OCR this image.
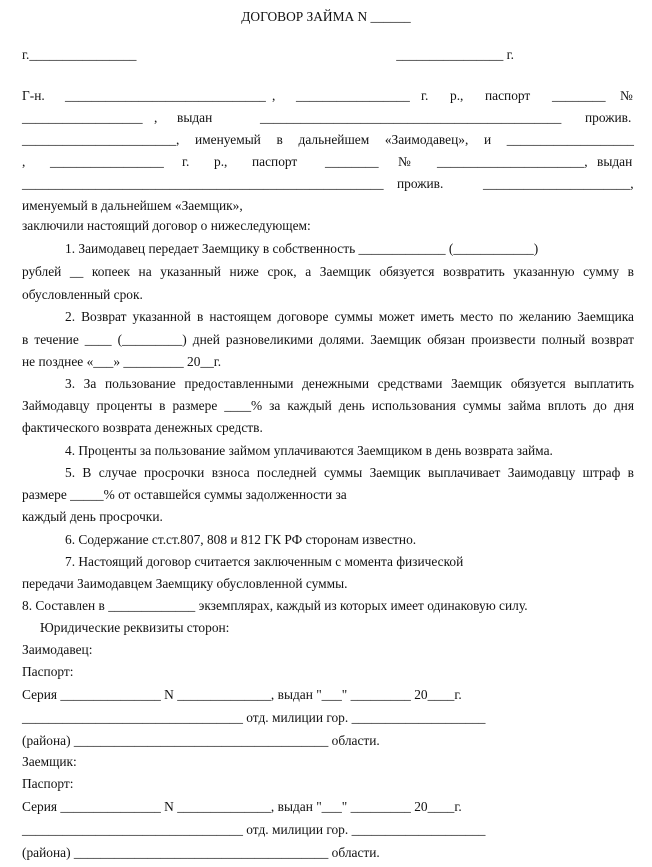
ДОГОВОР ЗАЙМА N ______
г.________________	________________ г.
Г-н. ______________________________ , _________________ г. р., паспорт ________ №
__________________ , выдан	_____________________________________________ прожив.
_______________________, именуемый в дальнейшем «Заимодавец», и ___________________
, _________________ г. р., паспорт ________ № ______________________, выдан
______________________________________________________ прожив.	______________________,
именуемый в дальнейшем «Заемщик»,
заключили настоящий договор о нижеследующем:
1. Заимодавец передает Заемщику в собственность _____________ (____________)
рублей __ копеек на указанный ниже срок, а Заемщик обязуется возвратить указанную сумму в
обусловленный срок.
2. Возврат указанной в настоящем договоре суммы может иметь место по желанию Заемщика
в течение ____ (_________) дней разновеликими долями. Заемщик обязан произвести полный возврат
не позднее «___» _________ 20__г.
3. За пользование предоставленными денежными средствами Заемщик обязуется выплатить
Займодавцу проценты в размере ____% за каждый день использования суммы займа вплоть до дня
фактического возврата денежных средств.
4. Проценты за пользование займом уплачиваются Заемщиком в день возврата займа.
5. В случае просрочки взноса последней суммы Заемщик выплачивает Заимодавцу штраф в
размере _____% от оставшейся суммы задолженности за
каждый день просрочки.
6. Содержание ст.ст.807, 808 и 812 ГК РФ сторонам известно.
7. Настоящий договор считается заключенным с момента физической
передачи Заимодавцем Заемщику обусловленной суммы.
8. Составлен в _____________ экземплярах, каждый из которых имеет одинаковую силу.
Юридические реквизиты сторон:
Заимодавец:
Паспорт:
Серия _______________ N ______________, выдан "___" _________ 20____г.
_________________________________ отд. милиции гор. ____________________
(района) ______________________________________ области.
Заемщик:
Паспорт:
Серия _______________ N ______________, выдан "___" _________ 20____г.
_________________________________ отд. милиции гор. ____________________
(района) ______________________________________ области.
